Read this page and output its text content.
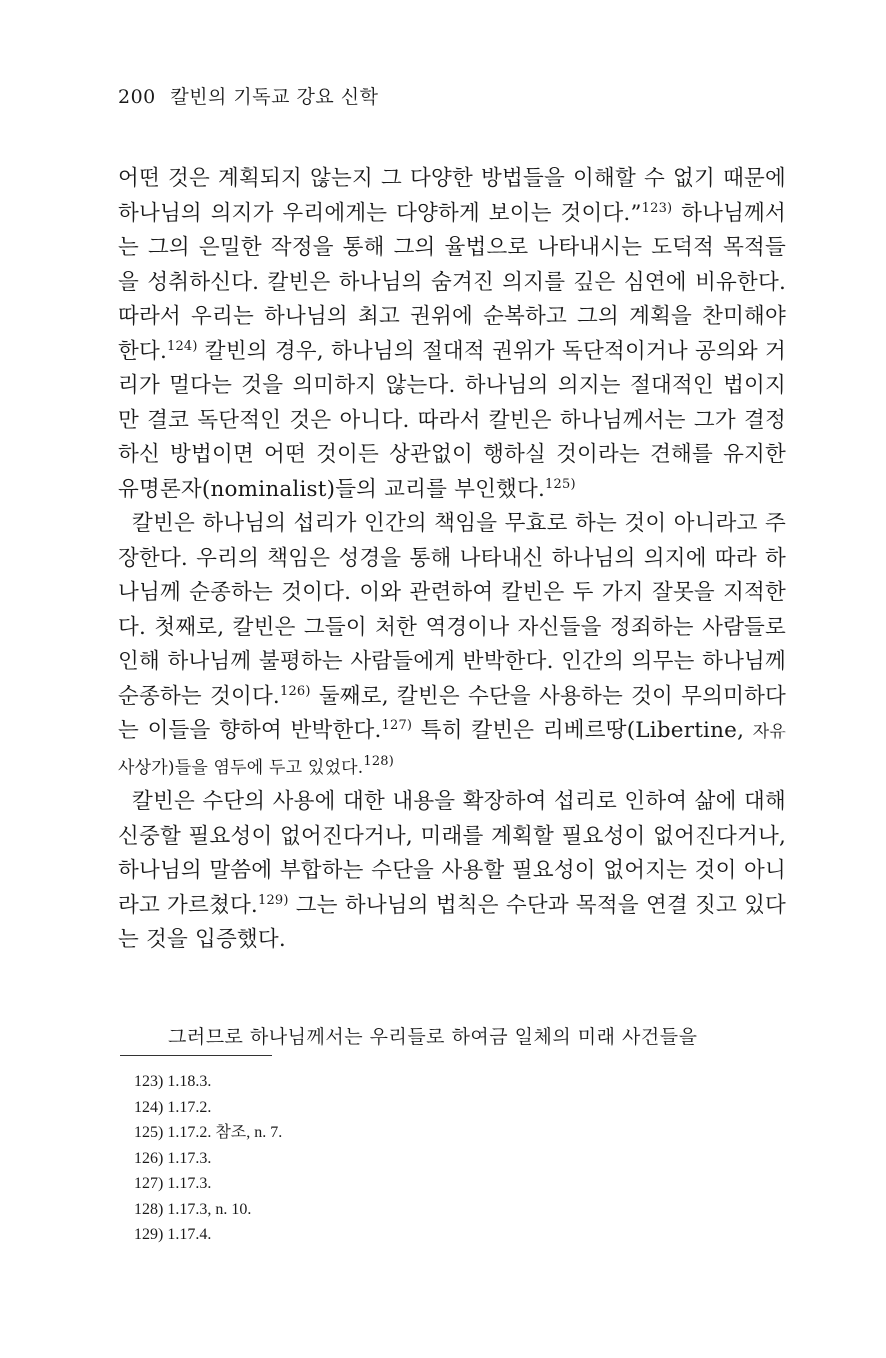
200 칼빈의 기독교 강요 신학

어떤 것은 계획되지 않는지 그 다양한 방법들을 이해할 수 없기 때문에 하나님의 의지가 우리에게는 다양하게 보이는 것이다.”$^{123)}$ 하나님께서는 그의 은밀한 작정을 통해 그의 율법으로 나타내시는 도덕적 목적들을 성취하신다. 칼빈은 하나님의 숨겨진 의지를 깊은 심연에 비유한다. 따라서 우리는 하나님의 최고 권위에 순복하고 그의 계획을 찬미해야 한다.$^{124)}$ 칼빈의 경우, 하나님의 절대적 권위가 독단적이거나 공의와 거리가 멀다는 것을 의미하지 않는다. 하나님의 의지는 절대적인 법이지만 결코 독단적인 것은 아니다. 따라서 칼빈은 하나님께서는 그가 결정하신 방법이면 어떤 것이든 상관없이 행하실 것이라는 견해를 유지한 유명론자(nominalist)들의 교리를 부인했다.$^{125)}$

칼빈은 하나님의 섭리가 인간의 책임을 무효로 하는 것이 아니라고 주장한다. 우리의 책임은 성경을 통해 나타내신 하나님의 의지에 따라 하나님께 순종하는 것이다. 이와 관련하여 칼빈은 두 가지 잘못을 지적한다. 첫째로, 칼빈은 그들이 처한 역경이나 자신들을 정죄하는 사람들로 인해 하나님께 불평하는 사람들에게 반박한다. 인간의 의무는 하나님께 순종하는 것이다.$^{126)}$ 둘째로, 칼빈은 수단을 사용하는 것이 무의미하다는 이들을 향하여 반박한다.$^{127)}$ 특히 칼빈은 리베르땅(Libertine, 자유사상가)들을 염두에 두고 있었다.$^{128)}$

칼빈은 수단의 사용에 대한 내용을 확장하여 섭리로 인하여 삶에 대해 신중할 필요성이 없어진다거나, 미래를 계획할 필요성이 없어진다거나, 하나님의 말씀에 부합하는 수단을 사용할 필요성이 없어지는 것이 아니라고 가르쳤다.$^{129)}$ 그는 하나님의 법칙은 수단과 목적을 연결 짓고 있다는 것을 입증했다.

그러므로 하나님께서는 우리들로 하여금 일체의 미래 사건들을
123) 1.18.3.
124) 1.17.2.
125) 1.17.2. 참조, n. 7.
126) 1.17.3.
127) 1.17.3.
128) 1.17.3, n. 10.
129) 1.17.4.
